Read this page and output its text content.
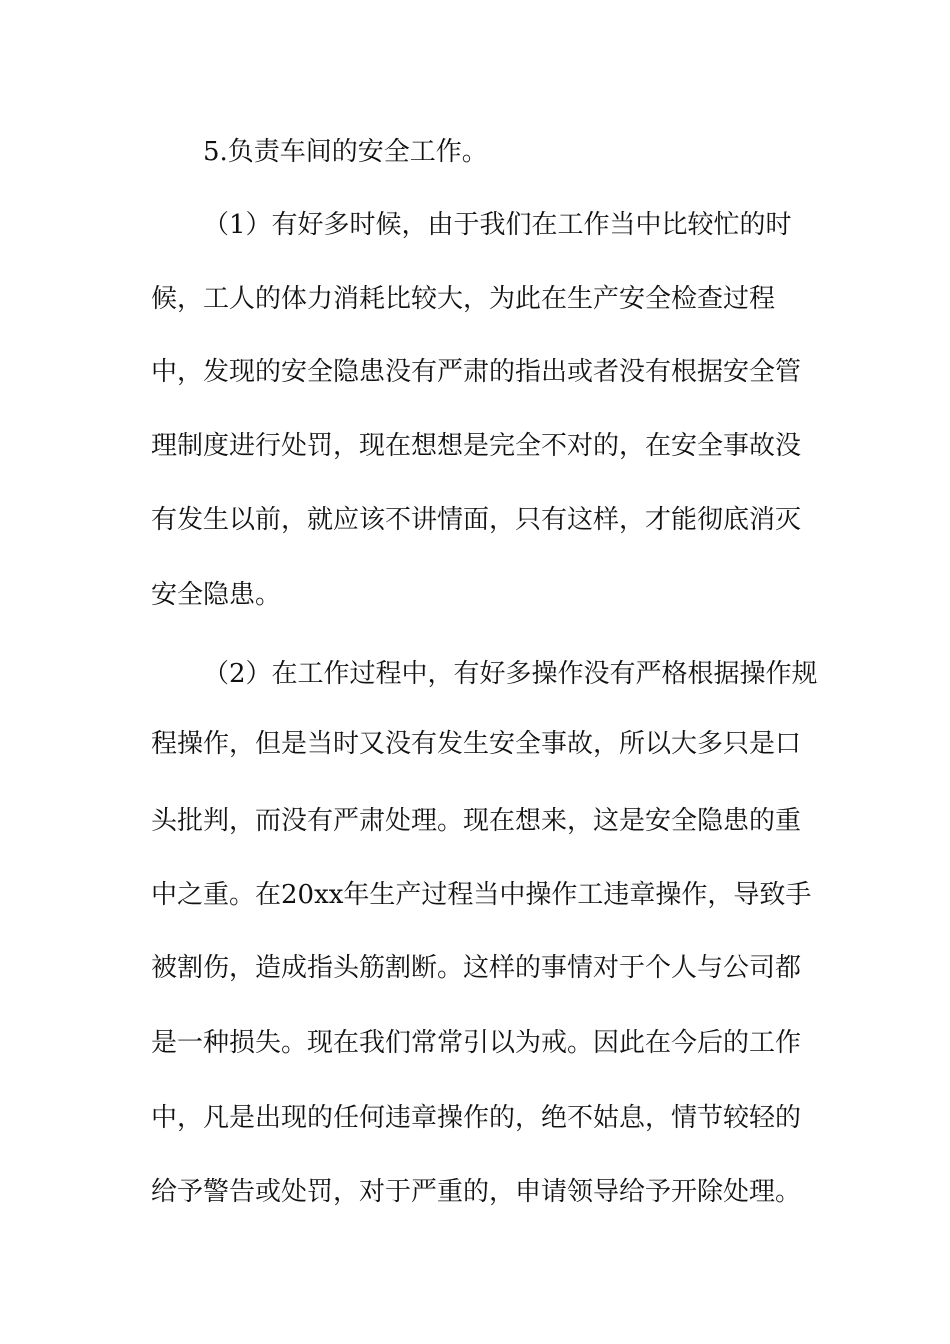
5.负责车间的安全工作。

（1）有好多时候，由于我们在工作当中比较忙的时

候，工人的体力消耗比较大，为此在生产安全检查过程

中，发现的安全隐患没有严肃的指出或者没有根据安全管

理制度进行处罚，现在想想是完全不对的，在安全事故没

有发生以前，就应该不讲情面，只有这样，才能彻底消灭

安全隐患。

（2）在工作过程中，有好多操作没有严格根据操作规

程操作，但是当时又没有发生安全事故，所以大多只是口

头批判，而没有严肃处理。现在想来，这是安全隐患的重

中之重。在20xx年生产过程当中操作工违章操作，导致手

被割伤，造成指头筋割断。这样的事情对于个人与公司都

是一种损失。现在我们常常引以为戒。因此在今后的工作

中，凡是出现的任何违章操作的，绝不姑息，情节较轻的

给予警告或处罚，对于严重的，申请领导给予开除处理。
